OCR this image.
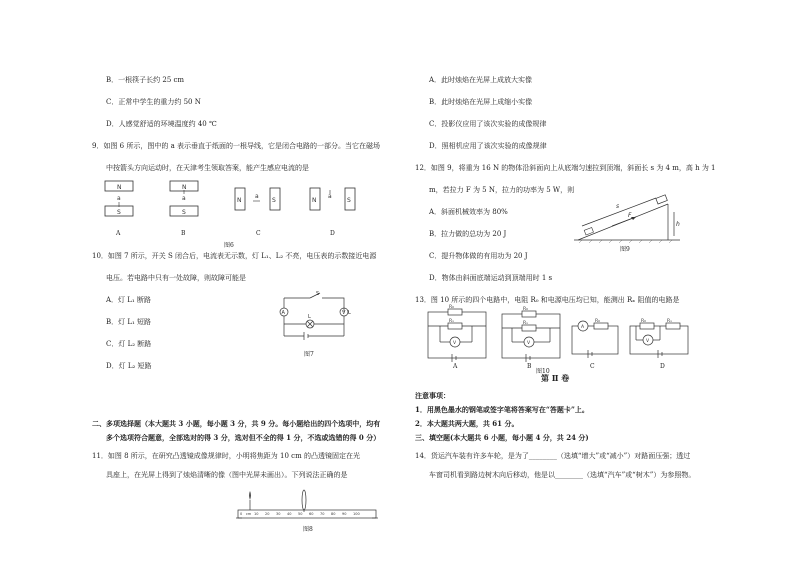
B．一根筷子长约 25 cm
C．正常中学生的重力约 50 N
D．人感觉舒适的环境温度约 40 ℃
9．如图 6 所示，图中的 a 表示垂直于纸面的一根导线，它是闭合电路的一部分。当它在磁场
中按箭头方向运动时，在天津考生领取答案，能产生感应电流的是
N
S
a
N
S
a	N	S
a
N	S
a
A	B	C	D
图6
10．如图 7 所示，开关 S 闭合后，电流表无示数，灯 L₁、L₂ 不亮，电压表的示数接近电源
电压。若电路中只有一处故障，则故障可能是
A．灯 L₁ 断路
B．灯 L₁ 短路
C．灯 L₂ 断路
D．灯 L₂ 短路
A	V
S
L
L
图7
二、多项选择题（本大题共 3 小题，每小题 3 分，共 9 分。每小题给出的四个选项中，均有
多个选项符合题意，全部选对的得 3 分，选对但不全的得 1 分，不选或选错的得 0 分）
11．如图 8 所示，在研究凸透镜成像规律时，小明将焦距为 10 cm 的凸透镜固定在光
具座上，在光屏上得到了烛焰清晰的像（图中光屏未画出）。下列说法正确的是
0 cm 10 20 30 40 50 60 70 80 90 100
图8
A．此时烛焰在光屏上成放大实像
B．此时烛焰在光屏上成缩小实像
C．投影仪应用了该次实验的成像规律
D．照相机应用了该次实验的成像规律
12．如图 9，将重为 16 N 的物体沿斜面向上从底端匀速拉到顶端，斜面长 s 为 4 m，高 h 为 1
m，若拉力 F 为 5 N，拉力的功率为 5 W，则
A．斜面机械效率为 80%
B．拉力做的总功为 20 J
C．提升物体做的有用功为 20 J
D．物体由斜面底端运动到顶端用时 1 s
s
F
h
图9
13．图 10 所示的四个电路中，电阻 R₀ 和电源电压均已知，能测出 Rₓ 阻值的电路是
R₀
Rₓ
V
R₀
Rₓ
V
R₀
A
R₀	Rₓ
V
A	B	C	D
图10
第 Ⅱ 卷
注意事项：
1．用黑色墨水的钢笔或签字笔将答案写在“答题卡”上。
2．本大题共两大题，共 61 分。
三、填空题(本大题共 6 小题，每小题 4 分，共 24 分)
14．货运汽车装有许多车轮，是为了________（选填“增大”或“减小”）对路面压强；透过
车窗司机看到路边树木向后移动，他是以________（选填“汽车”或“树木”）为参照物。
